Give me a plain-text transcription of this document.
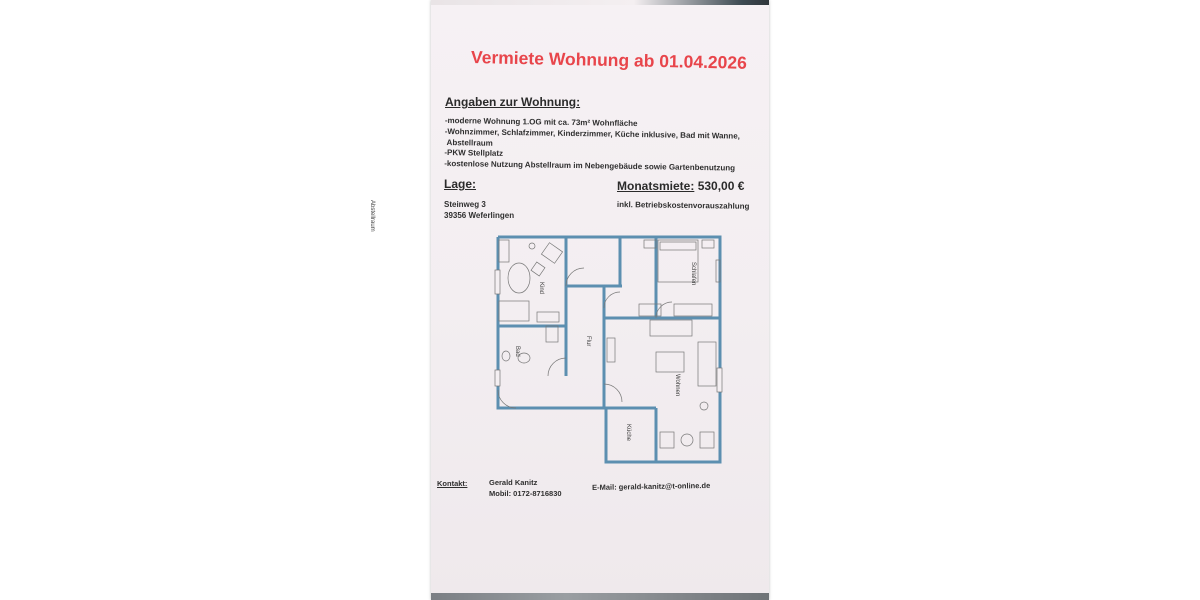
Vermiete Wohnung ab 01.04.2026
Angaben zur Wohnung:
-moderne Wohnung 1.OG mit ca. 73m² Wohnfläche
-Wohnzimmer, Schlafzimmer, Kinderzimmer, Küche inklusive, Bad mit Wanne,
Abstellraum
-PKW Stellplatz
-kostenlose Nutzung Abstellraum im Nebengebäude sowie Gartenbenutzung
Lage:	Monatsmiete: 530,00 €
Steinweg 3
39356 Weferlingen
inkl. Betriebskostenvorauszahlung
Abstellraum
Schlafen
Kind
Bad
Flur
Wohnen
Küche
Kontakt:	Gerald Kanitz
Mobil: 0172-8716830
E-Mail: gerald-kanitz@t-online.de
